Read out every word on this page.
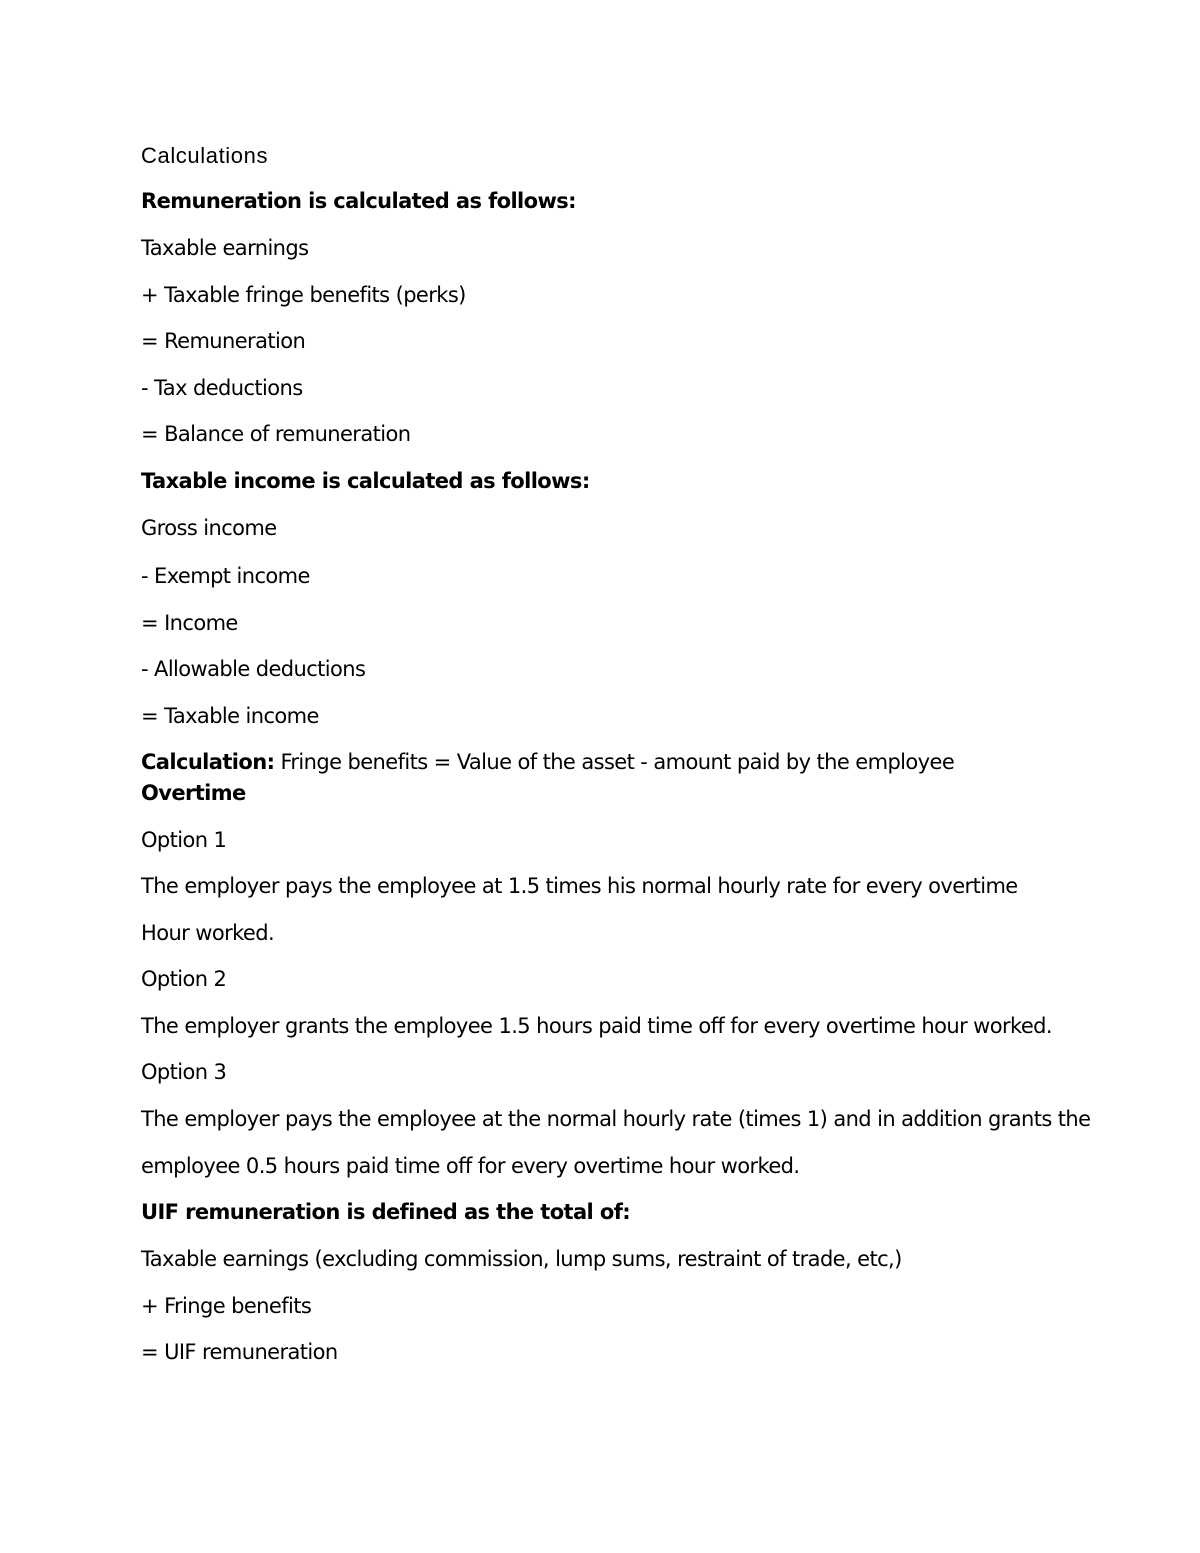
Calculations
Remuneration is calculated as follows:
Taxable earnings
+ Taxable fringe benefits (perks)
= Remuneration
- Tax deductions
= Balance of remuneration
Taxable income is calculated as follows:
Gross income
- Exempt income
= Income
- Allowable deductions
= Taxable income
Calculation: Fringe benefits = Value of the asset - amount paid by the employee
Overtime
Option 1
The employer pays the employee at 1.5 times his normal hourly rate for every overtime
Hour worked.
Option 2
The employer grants the employee 1.5 hours paid time off for every overtime hour worked.
Option 3
The employer pays the employee at the normal hourly rate (times 1) and in addition grants the
employee 0.5 hours paid time off for every overtime hour worked.
UIF remuneration is defined as the total of:
Taxable earnings (excluding commission, lump sums, restraint of trade, etc,)
+ Fringe benefits
= UIF remuneration
